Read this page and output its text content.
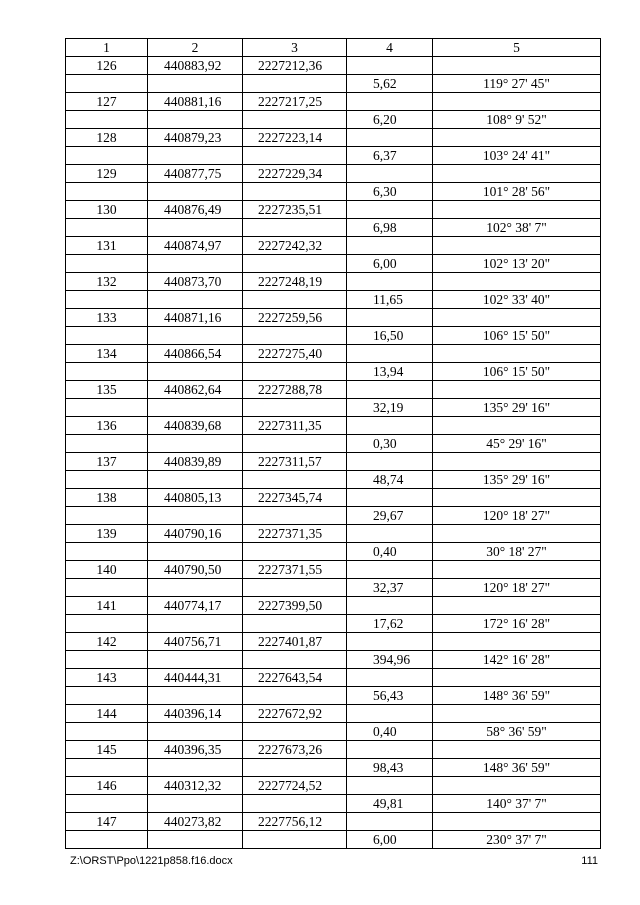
1	2	3	4	5
126	440883,92	2227212,36		
			5,62	119° 27' 45"
127	440881,16	2227217,25		
			6,20	108° 9' 52"
128	440879,23	2227223,14		
			6,37	103° 24' 41"
129	440877,75	2227229,34		
			6,30	101° 28' 56"
130	440876,49	2227235,51		
			6,98	102° 38' 7"
131	440874,97	2227242,32		
			6,00	102° 13' 20"
132	440873,70	2227248,19		
			11,65	102° 33' 40"
133	440871,16	2227259,56		
			16,50	106° 15' 50"
134	440866,54	2227275,40		
			13,94	106° 15' 50"
135	440862,64	2227288,78		
			32,19	135° 29' 16"
136	440839,68	2227311,35		
			0,30	45° 29' 16"
137	440839,89	2227311,57		
			48,74	135° 29' 16"
138	440805,13	2227345,74		
			29,67	120° 18' 27"
139	440790,16	2227371,35		
			0,40	30° 18' 27"
140	440790,50	2227371,55		
			32,37	120° 18' 27"
141	440774,17	2227399,50		
			17,62	172° 16' 28"
142	440756,71	2227401,87		
			394,96	142° 16' 28"
143	440444,31	2227643,54		
			56,43	148° 36' 59"
144	440396,14	2227672,92		
			0,40	58° 36' 59"
145	440396,35	2227673,26		
			98,43	148° 36' 59"
146	440312,32	2227724,52		
			49,81	140° 37' 7"
147	440273,82	2227756,12		
			6,00	230° 37' 7"
Z:\ORST\Ppo\1221p858.f16.docx	111
